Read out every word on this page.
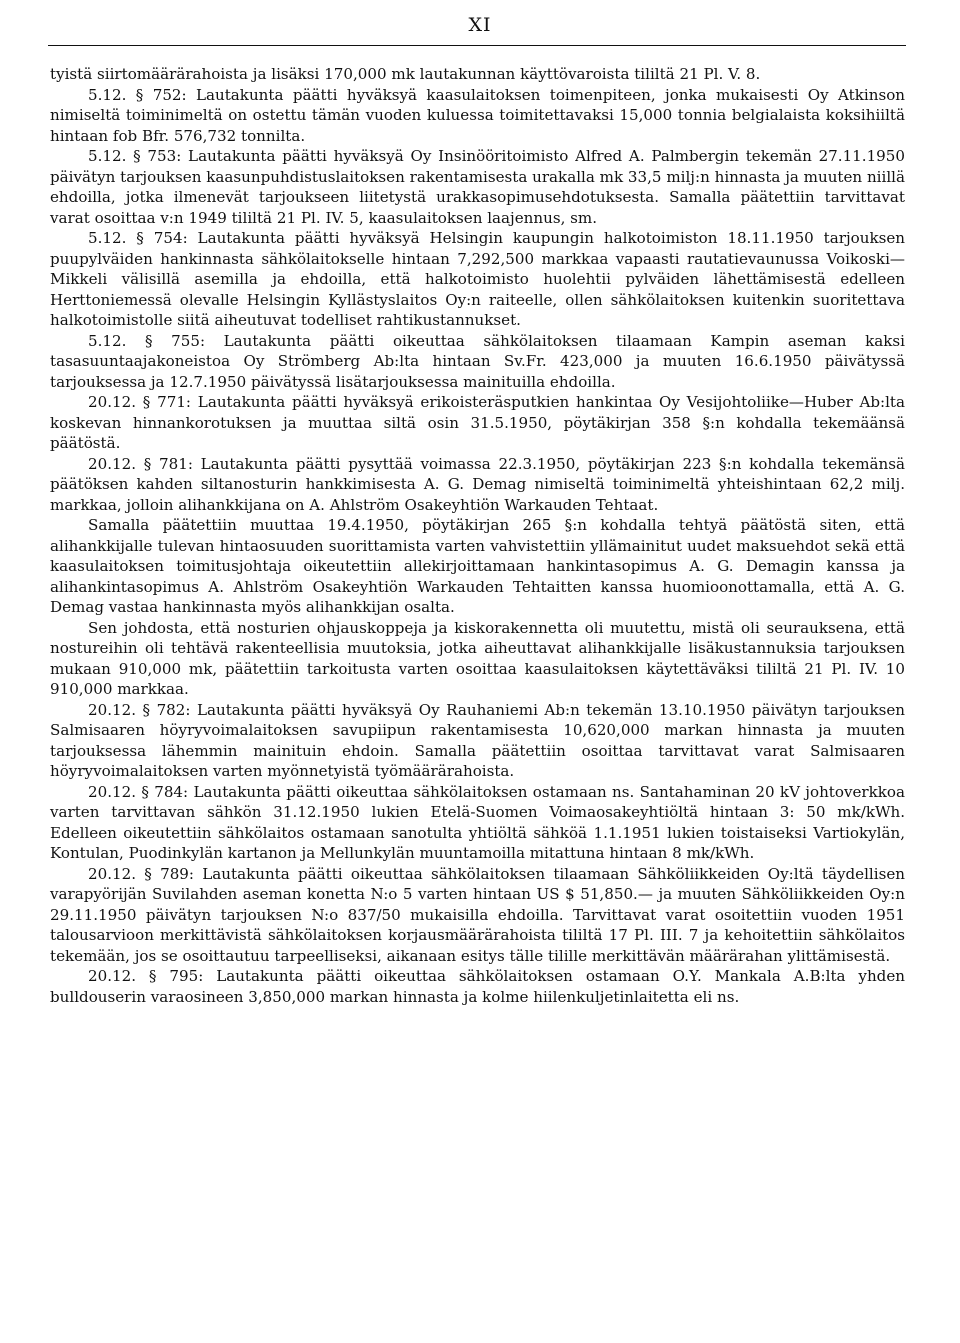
XI

tyistä siirtomäärärahoista ja lisäksi 170,000 mk lautakunnan käyttövaroista tililtä 21 Pl. V. 8.

5.12. § 752: Lautakunta päätti hyväksyä kaasulaitoksen toimenpiteen, jonka mukaisesti Oy Atkinson nimiseltä toiminimeltä on ostettu tämän vuoden kuluessa toimitettavaksi 15,000 tonnia belgialaista koksihiiltä hintaan fob Bfr. 576,732 tonnilta.

5.12. § 753: Lautakunta päätti hyväksyä Oy Insinööritoimisto Alfred A. Palmbergin tekemän 27.11.1950 päivätyn tarjouksen kaasunpuhdistuslaitoksen rakentamisesta urakalla mk 33,5 milj:n hinnasta ja muuten niillä ehdoilla, jotka ilmenevät tarjoukseen liitetystä urakkasopimusehdotuksesta. Samalla päätettiin tarvittavat varat osoittaa v:n 1949 tililtä 21 Pl. IV. 5, kaasulaitoksen laajennus, sm.

5.12. § 754: Lautakunta päätti hyväksyä Helsingin kaupungin halkotoimiston 18.11.1950 tarjouksen puupylväiden hankinnasta sähkölaitokselle hintaan 7,292,500 markkaa vapaasti rautatievaunussa Voikoski—Mikkeli välisillä asemilla ja ehdoilla, että halkotoimisto huolehtii pylväiden lähettämisestä edelleen Herttoniemessä olevalle Helsingin Kyllästyslaitos Oy:n raiteelle, ollen sähkölaitoksen kuitenkin suoritettava halkotoimistolle siitä aiheutuvat todelliset rahtikustannukset.

5.12. § 755: Lautakunta päätti oikeuttaa sähkölaitoksen tilaamaan Kampin aseman kaksi tasasuuntaajakoneistoa Oy Strömberg Ab:lta hintaan Sv.Fr. 423,000 ja muuten 16.6.1950 päivätyssä tarjouksessa ja 12.7.1950 päivätyssä lisätarjouksessa mainituilla ehdoilla.

20.12. § 771: Lautakunta päätti hyväksyä erikoisteräsputkien hankintaa Oy Vesijohtoliike—Huber Ab:lta koskevan hinnankorotuksen ja muuttaa siltä osin 31.5.1950, pöytäkirjan 358 §:n kohdalla tekemäänsä päätöstä.

20.12. § 781: Lautakunta päätti pysyttää voimassa 22.3.1950, pöytäkirjan 223 §:n kohdalla tekemänsä päätöksen kahden siltanosturin hankkimisesta A. G. Demag nimiseltä toiminimeltä yhteishintaan 62,2 milj. markkaa, jolloin alihankkijana on A. Ahlström Osakeyhtiön Warkauden Tehtaat.

Samalla päätettiin muuttaa 19.4.1950, pöytäkirjan 265 §:n kohdalla tehtyä päätöstä siten, että alihankkijalle tulevan hintaosuuden suorittamista varten vahvistettiin yllämainitut uudet maksuehdot sekä että kaasulaitoksen toimitusjohtaja oikeutettiin allekirjoittamaan hankintasopimus A. G. Demagin kanssa ja alihankintasopimus A. Ahlström Osakeyhtiön Warkauden Tehtaitten kanssa huomioonottamalla, että A. G. Demag vastaa hankinnasta myös alihankkijan osalta.

Sen johdosta, että nosturien ohjauskoppeja ja kiskorakennetta oli muutettu, mistä oli seurauksena, että nostureihin oli tehtävä rakenteellisia muutoksia, jotka aiheuttavat alihankkijalle lisäkustannuksia tarjouksen mukaan 910,000 mk, päätettiin tarkoitusta varten osoittaa kaasulaitoksen käytettäväksi tililtä 21 Pl. IV. 10 910,000 markkaa.

20.12. § 782: Lautakunta päätti hyväksyä Oy Rauhaniemi Ab:n tekemän 13.10.1950 päivätyn tarjouksen Salmisaaren höyryvoimalaitoksen savupiipun rakentamisesta 10,620,000 markan hinnasta ja muuten tarjouksessa lähemmin mainituin ehdoin. Samalla päätettiin osoittaa tarvittavat varat Salmisaaren höyryvoimalaitoksen varten myönnetyistä työmäärärahoista.

20.12. § 784: Lautakunta päätti oikeuttaa sähkölaitoksen ostamaan ns. Santahaminan 20 kV johtoverkkoa varten tarvittavan sähkön 31.12.1950 lukien Etelä-Suomen Voimaosakeyhtiöltä hintaan 3: 50 mk/kWh. Edelleen oikeutettiin sähkölaitos ostamaan sanotulta yhtiöltä sähköä 1.1.1951 lukien toistaiseksi Vartiokylän, Kontulan, Puodinkylän kartanon ja Mellunkylän muuntamoilla mitattuna hintaan 8 mk/kWh.

20.12. § 789: Lautakunta päätti oikeuttaa sähkölaitoksen tilaamaan Sähköliikkeiden Oy:ltä täydellisen varapyörijän Suvilahden aseman konetta N:o 5 varten hintaan US $ 51,850.— ja muuten Sähköliikkeiden Oy:n 29.11.1950 päivätyn tarjouksen N:o 837/50 mukaisilla ehdoilla. Tarvittavat varat osoitettiin vuoden 1951 talousarvioon merkittävistä sähkölaitoksen korjausmäärärahoista tililtä 17 Pl. III. 7 ja kehoitettiin sähkölaitos tekemään, jos se osoittautuu tarpeelliseksi, aikanaan esitys tälle tilille merkittävän määrärahan ylittämisestä.

20.12. § 795: Lautakunta päätti oikeuttaa sähkölaitoksen ostamaan O.Y. Mankala A.B:lta yhden bulldouserin varaosineen 3,850,000 markan hinnasta ja kolme hiilenkuljetinlaitetta eli ns.
